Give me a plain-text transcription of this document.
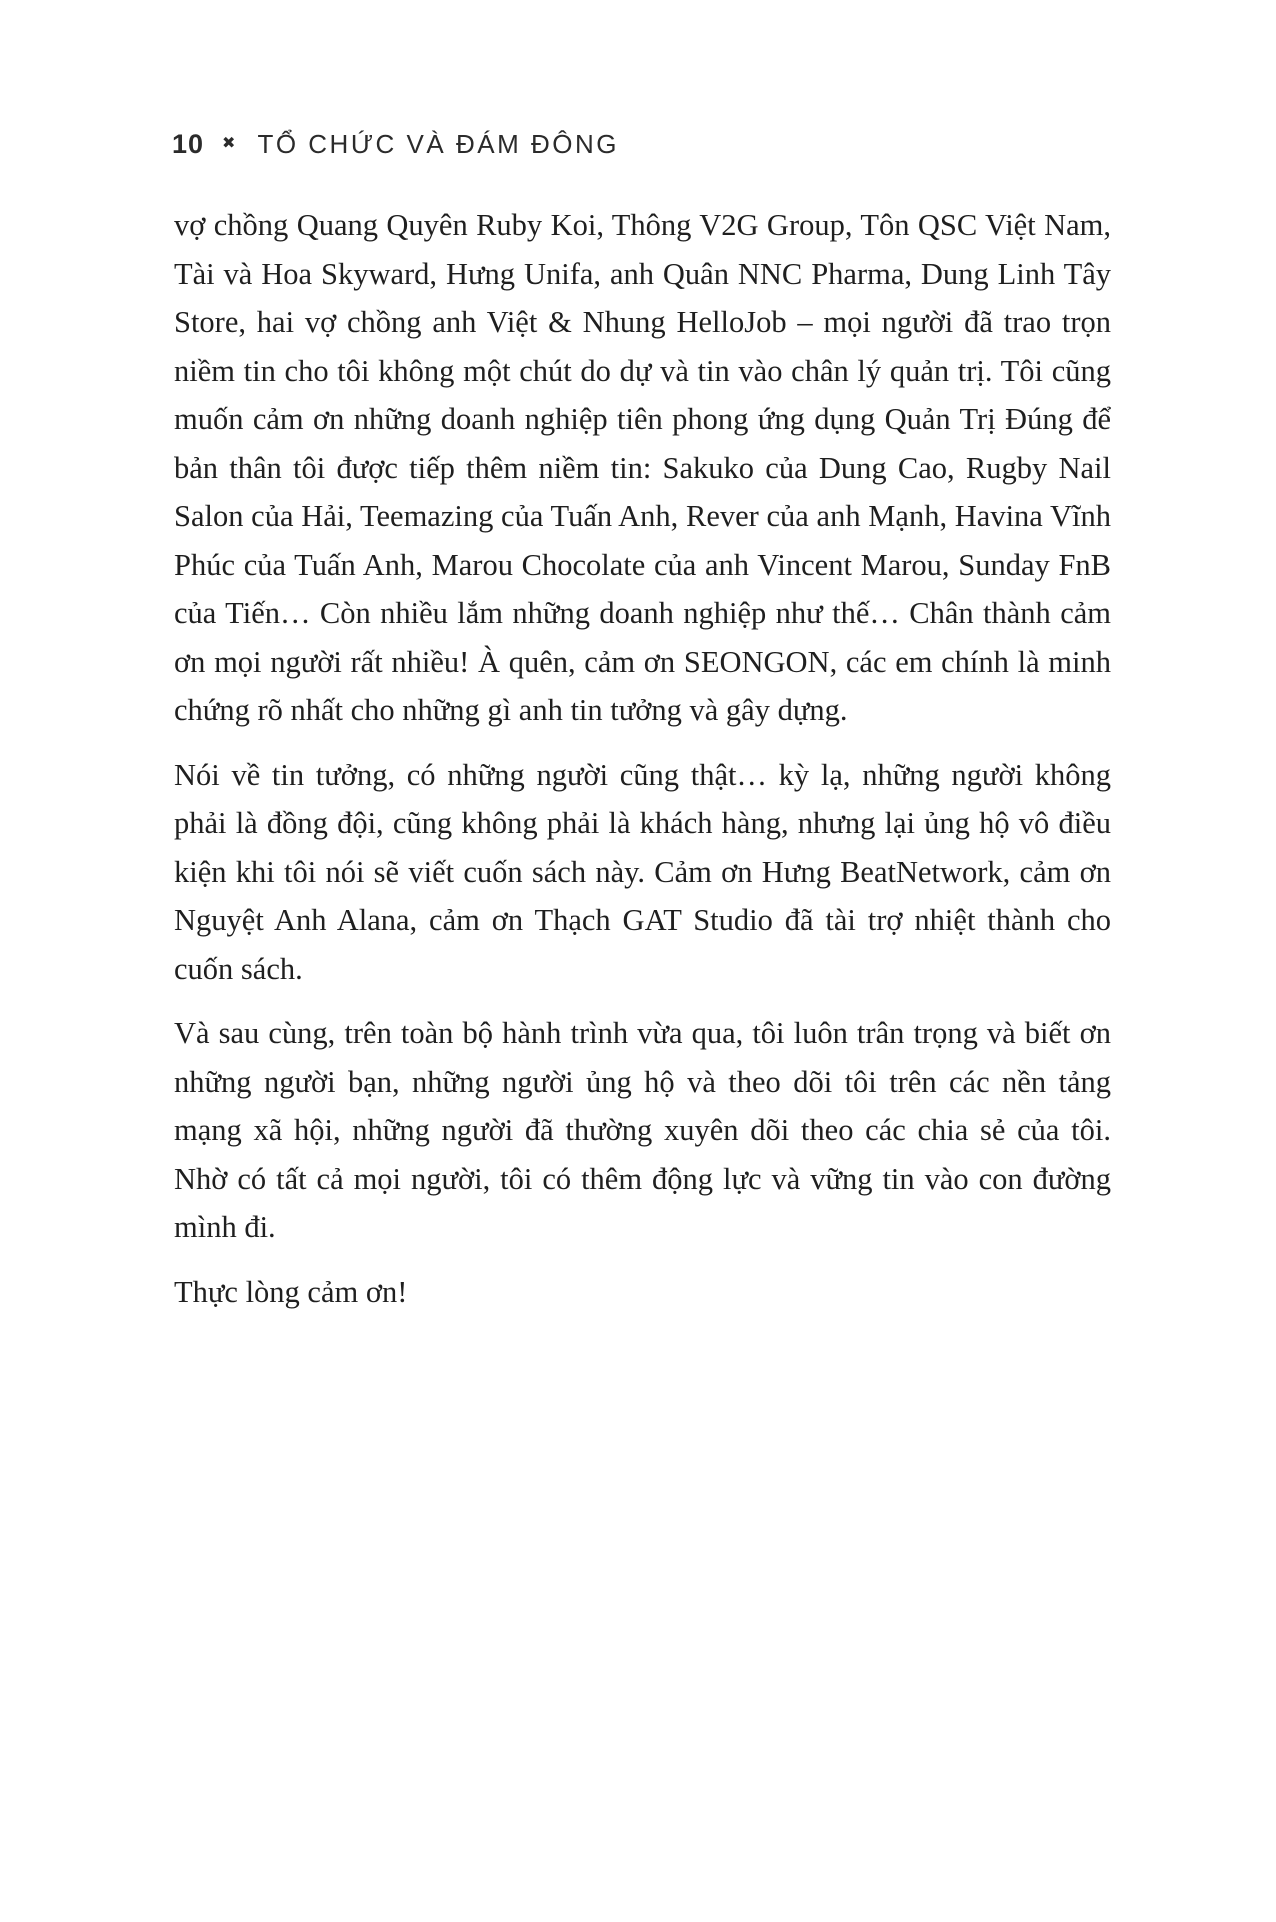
10 ✖ TỔ CHỨC VÀ ĐÁM ĐÔNG

vợ chồng Quang Quyên Ruby Koi, Thông V2G Group, Tôn QSC Việt Nam, Tài và Hoa Skyward, Hưng Unifa, anh Quân NNC Pharma, Dung Linh Tây Store, hai vợ chồng anh Việt & Nhung HelloJob – mọi người đã trao trọn niềm tin cho tôi không một chút do dự và tin vào chân lý quản trị. Tôi cũng muốn cảm ơn những doanh nghiệp tiên phong ứng dụng Quản Trị Đúng để bản thân tôi được tiếp thêm niềm tin: Sakuko của Dung Cao, Rugby Nail Salon của Hải, Teemazing của Tuấn Anh, Rever của anh Mạnh, Havina Vĩnh Phúc của Tuấn Anh, Marou Chocolate của anh Vincent Marou, Sunday FnB của Tiến… Còn nhiều lắm những doanh nghiệp như thế… Chân thành cảm ơn mọi người rất nhiều! À quên, cảm ơn SEONGON, các em chính là minh chứng rõ nhất cho những gì anh tin tưởng và gây dựng.

Nói về tin tưởng, có những người cũng thật… kỳ lạ, những người không phải là đồng đội, cũng không phải là khách hàng, nhưng lại ủng hộ vô điều kiện khi tôi nói sẽ viết cuốn sách này. Cảm ơn Hưng BeatNetwork, cảm ơn Nguyệt Anh Alana, cảm ơn Thạch GAT Studio đã tài trợ nhiệt thành cho cuốn sách.

Và sau cùng, trên toàn bộ hành trình vừa qua, tôi luôn trân trọng và biết ơn những người bạn, những người ủng hộ và theo dõi tôi trên các nền tảng mạng xã hội, những người đã thường xuyên dõi theo các chia sẻ của tôi. Nhờ có tất cả mọi người, tôi có thêm động lực và vững tin vào con đường mình đi.

Thực lòng cảm ơn!
